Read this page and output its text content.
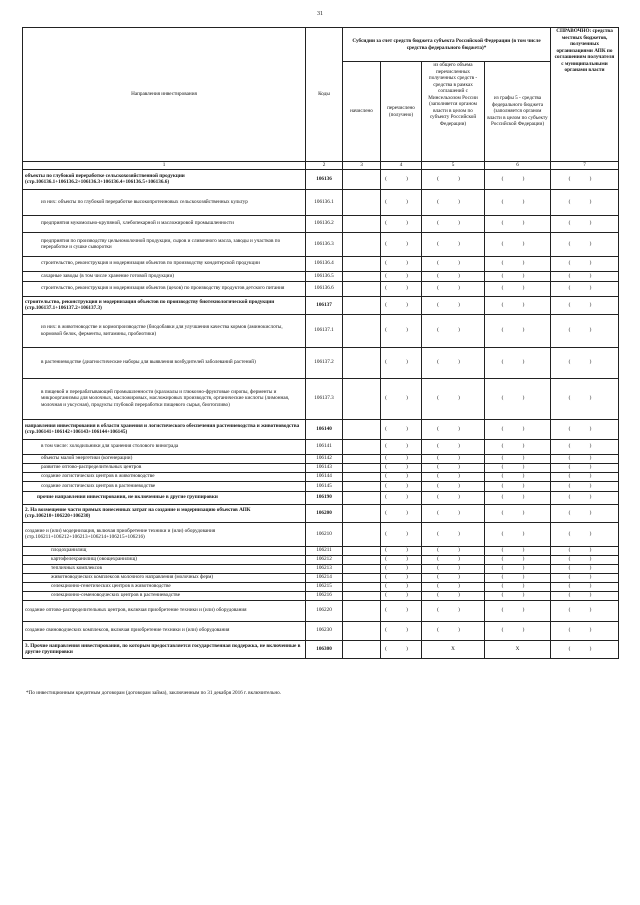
31
Направления инвестирования	Коды	Субсидии за счет средств бюджета субъекта Российской Федерации (в том числе средства федерального бюджета)*				СПРАВОЧНО: средства местных бюджетов, полученных организациями АПК по соглашениям получателя с муниципальными органами власти
		начислено	перечислено (получено)	из общего объема перечисленных полученных средств - средства в рамках соглашений с Минсельхозом России (заполняется органом власти в целом по субъекту Российской Федерации)	из графы 5 - средства федерального бюджета (заполняется органом власти в целом по субъекту Российской Федерации)	
1	2	3	4	5	6	7
объекты по глубокой переработке сельскохозяйственной продукции (стр.106136.1+106136.2+106136.3+106136.4+106136.5+106136.6)	106136		( )	( )	( )	( )
из них: объекты по глубокой переработке высокопротеиновых сельскохозяйственных культур	106136.1		( )	( )	( )	( )
предприятия мукомольно-крупяной, хлебопекарной и масложировой промышленности	106136.2		( )	( )	( )	( )
предприятия по производству цельномолочной продукции, сыров и сливочного масла, заводы и участков по переработке и сушке сыворотки	106136.3		( )	( )	( )	( )
строительство, реконструкция и модернизация объектов по производству кондитерской продукции	106136.4		( )	( )	( )	( )
сахарные заводы (в том числе хранение готовой продукции)	106136.5		( )	( )	( )	( )
строительство, реконструкция и модернизация объектов (цехов) по производству продуктов детского питания	106136.6		( )	( )	( )	( )
строительство, реконструкция и модернизация объектов по производству биотехнологической продукции (стр.106137.1+106137.2+106137.3)	106137		( )	( )	( )	( )
из них: в животноводстве и кормопроизводстве (биодобавки для улучшения качества кормов (аминокислоты, кормовой белок, ферменты, витамины, пробиотики)	106137.1		( )	( )	( )	( )
в растениеводстве (диагностические наборы для выявления возбудителей заболеваний растений)	106137.2		( )	( )	( )	( )
в пищевой и перерабатывающей промышленности (крахмалы и глюкозно-фруктовые сиропы, ферменты и микроорганизмы для молочных, масложировых, масложировых производств, органические кислоты (лимонная, молочная и уксусная), продукты глубокой переработки пищевого сырья, биотопливо)	106137.3		( )	( )	( )	( )
направления инвестирования в области хранения и логистического обеспечения растениеводства и животноводства (стр.106141+106142+106143+106144+106145)	106140		( )	( )	( )	( )
в том числе: холодильники для хранения столового винограда	106141		( )	( )	( )	( )
объекты малой энергетики (когенерации)	106142		( )	( )	( )	( )
развитие оптово-распределительных центров	106143		( )	( )	( )	( )
создание логистических центров в животноводстве	106144		( )	( )	( )	( )
создание логистических центров в растениеводстве	106145		( )	( )	( )	( )
прочие направления инвестирования, не включенные в другие группировки	106190		( )	( )	( )	( )
2. На возмещение части прямых понесенных затрат на создание и модернизацию объектов АПК (стр.106210+106220+106230)	106200		( )	( )	( )	( )
создание и (или) модернизация, включая приобретение техники и (или) оборудования (стр.106211+106212+106213+106214+106215+106216)	106210		( )	( )	( )	( )
плодохранилищ	106211		( )	( )	( )	( )
картофелехранилищ (овощехранилищ)	106212		( )	( )	( )	( )
тепличных комплексов	106213		( )	( )	( )	( )
животноводческих комплексов молочного направления (молочных ферм)	106214		( )	( )	( )	( )
селекционно-генетических центров в животноводстве	106215		( )	( )	( )	( )
селекционно-семеноводческих центров в растениеводстве	106216		( )	( )	( )	( )
создание оптово-распределительных центров, включая приобретение техники и (или) оборудования	106220		( )	( )	( )	( )
создание свиноводческих комплексов, включая приобретение техники и (или) оборудования	106230		( )	( )	( )	( )
3. Прочие направления инвестирования, по которым предоставляется государственная поддержка, не включенные в другие группировки	106300		( )	Х	Х	( )
*По инвестиционным кредитным договорам (договорам займа), заключенным по 31 декабря 2016 г. включительно.
